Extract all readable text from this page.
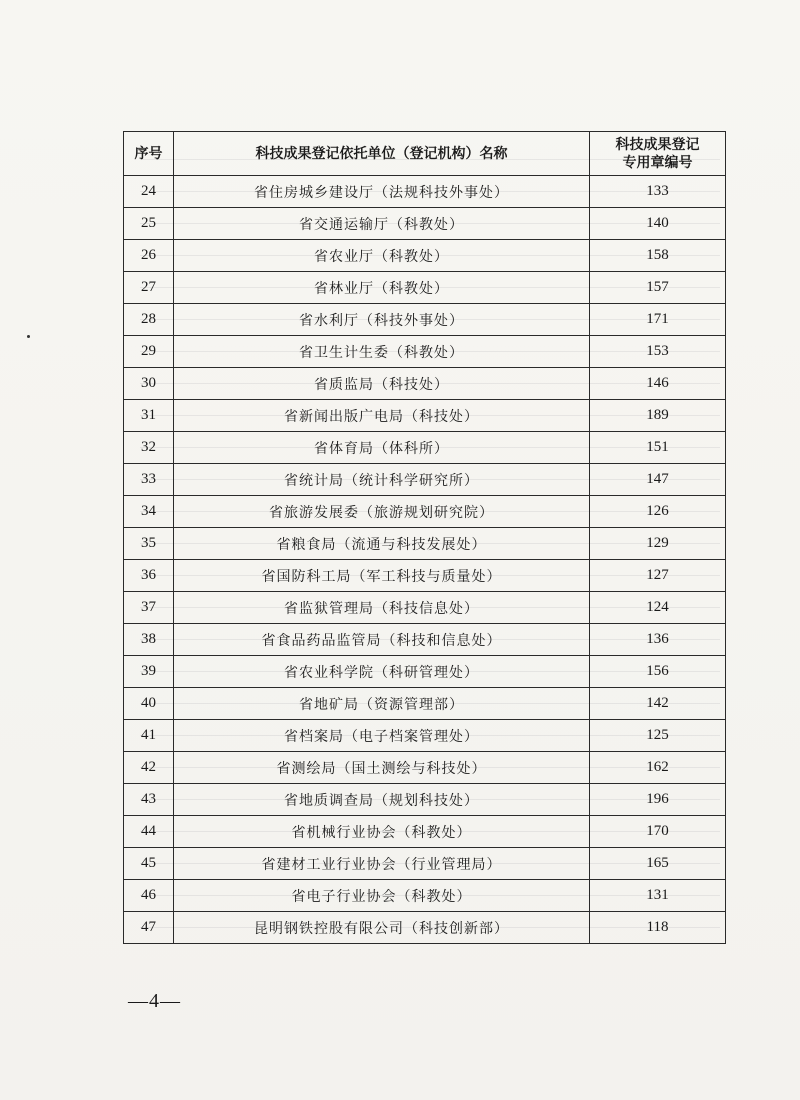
序号	科技成果登记依托单位（登记机构）名称	科技成果登记
专用章编号

24	省住房城乡建设厅（法规科技外事处）	133
25	省交通运输厅（科教处）	140
26	省农业厅（科教处）	158
27	省林业厅（科教处）	157
28	省水利厅（科技外事处）	171
29	省卫生计生委（科教处）	153
30	省质监局（科技处）	146
31	省新闻出版广电局（科技处）	189
32	省体育局（体科所）	151
33	省统计局（统计科学研究所）	147
34	省旅游发展委（旅游规划研究院）	126
35	省粮食局（流通与科技发展处）	129
36	省国防科工局（军工科技与质量处）	127
37	省监狱管理局（科技信息处）	124
38	省食品药品监管局（科技和信息处）	136
39	省农业科学院（科研管理处）	156
40	省地矿局（资源管理部）	142
41	省档案局（电子档案管理处）	125
42	省测绘局（国土测绘与科技处）	162
43	省地质调查局（规划科技处）	196
44	省机械行业协会（科教处）	170
45	省建材工业行业协会（行业管理局）	165
46	省电子行业协会（科教处）	131
47	昆明钢铁控股有限公司（科技创新部）	118
—4—
